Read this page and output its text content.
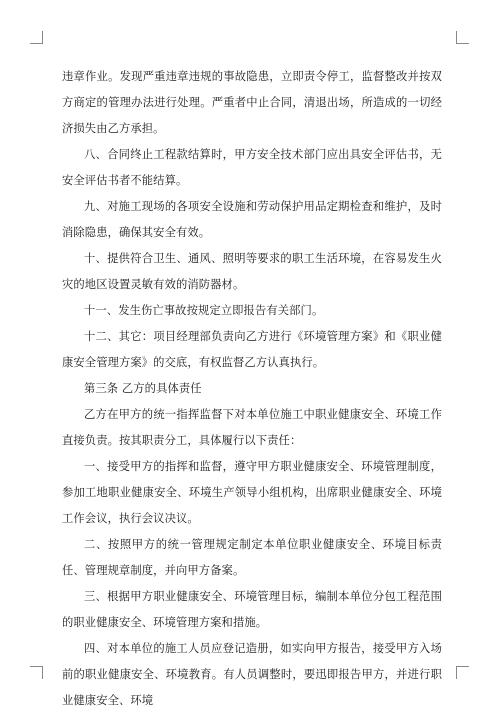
违章作业。发现严重违章违规的事故隐患，立即责令停工，监督整改并按双方商定的管理办法进行处理。严重者中止合同，清退出场，所造成的一切经济损失由乙方承担。

八、合同终止工程款结算时，甲方安全技术部门应出具安全评估书，无安全评估书者不能结算。

九、对施工现场的各项安全设施和劳动保护用品定期检查和维护，及时消除隐患，确保其安全有效。

十、提供符合卫生、通风、照明等要求的职工生活环境，在容易发生火灾的地区设置灵敏有效的消防器材。

十一、发生伤亡事故按规定立即报告有关部门。

十二、其它：项目经理部负责向乙方进行《环境管理方案》和《职业健康安全管理方案》的交底，有权监督乙方认真执行。

第三条 乙方的具体责任

乙方在甲方的统一指挥监督下对本单位施工中职业健康安全、环境工作直接负责。按其职责分工，具体履行以下责任：

一、接受甲方的指挥和监督，遵守甲方职业健康安全、环境管理制度，参加工地职业健康安全、环境生产领导小组机构，出席职业健康安全、环境工作会议，执行会议决议。

二、按照甲方的统一管理规定制定本单位职业健康安全、环境目标责任、管理规章制度，并向甲方备案。

三、根据甲方职业健康安全、环境管理目标，编制本单位分包工程范围的职业健康安全、环境管理方案和措施。

四、对本单位的施工人员应登记造册，如实向甲方报告，接受甲方入场前的职业健康安全、环境教育。有人员调整时，要迅即报告甲方，并进行职业健康安全、环境
